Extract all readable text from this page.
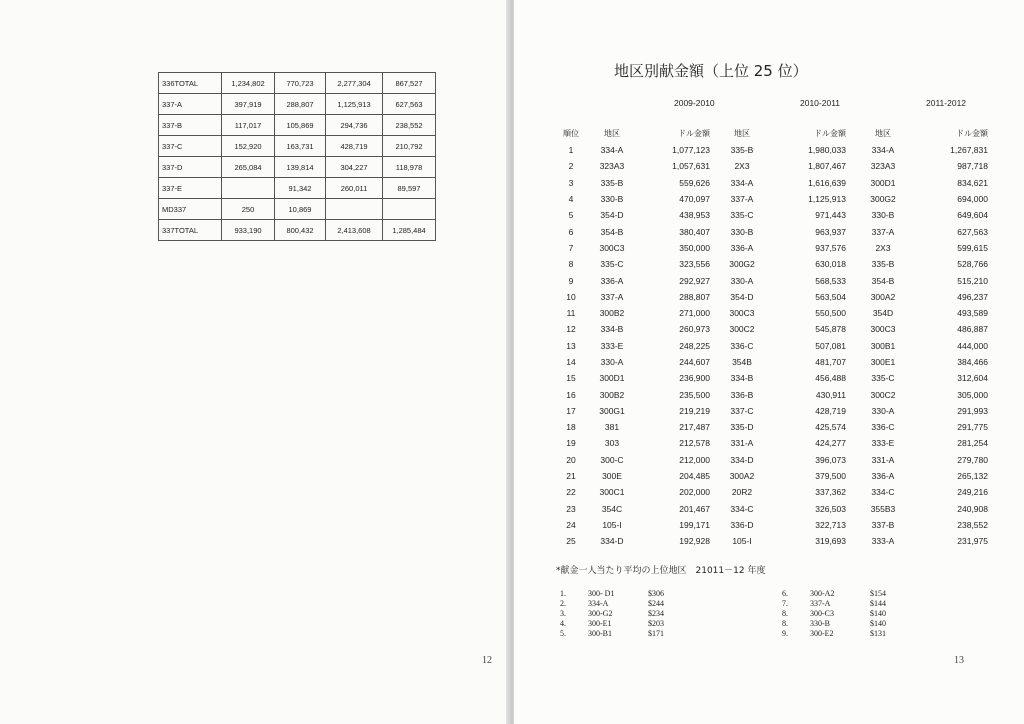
336TOTAL	1,234,802	770,723	2,277,304	867,527
337-A	397,919	288,807	1,125,913	627,563
337-B	117,017	105,869	294,736	238,552
337-C	152,920	163,731	428,719	210,792
337-D	265,084	139,814	304,227	118,978
337-E		91,342	260,011	89,597
MD337	250	10,869		
337TOTAL	933,190	800,432	2,413,608	1,285,484
12
地区別献金額（上位 25 位）
2009-2010	2010-2011	2011-2012
順位	地区	ドル金額	地区	ドル金額	地区	ドル金額
1	334-A	1,077,123	335-B	1,980,033	334-A	1,267,831
2	323A3	1,057,631	2X3	1,807,467	323A3	987,718
3	335-B	559,626	334-A	1,616,639	300D1	834,621
4	330-B	470,097	337-A	1,125,913	300G2	694,000
5	354-D	438,953	335-C	971,443	330-B	649,604
6	354-B	380,407	330-B	963,937	337-A	627,563
7	300C3	350,000	336-A	937,576	2X3	599,615
8	335-C	323,556	300G2	630,018	335-B	528,766
9	336-A	292,927	330-A	568,533	354-B	515,210
10	337-A	288,807	354-D	563,504	300A2	496,237
11	300B2	271,000	300C3	550,500	354D	493,589
12	334-B	260,973	300C2	545,878	300C3	486,887
13	333-E	248,225	336-C	507,081	300B1	444,000
14	330-A	244,607	354B	481,707	300E1	384,466
15	300D1	236,900	334-B	456,488	335-C	312,604
16	300B2	235,500	336-B	430,911	300C2	305,000
17	300G1	219,219	337-C	428,719	330-A	291,993
18	381	217,487	335-D	425,574	336-C	291,775
19	303	212,578	331-A	424,277	333-E	281,254
20	300-C	212,000	334-D	396,073	331-A	279,780
21	300E	204,485	300A2	379,500	336-A	265,132
22	300C1	202,000	20R2	337,362	334-C	249,216
23	354C	201,467	334-C	326,503	355B3	240,908
24	105-I	199,171	336-D	322,713	337-B	238,552
25	334-D	192,928	105-I	319,693	333-A	231,975
*献金一人当たり平均の上位地区　21011－12 年度
1.	300- D1	$306
2.	334-A	$244
3.	300-G2	$234
4.	300-E1	$203
5.	300-B1	$171
6.	300-A2	$154
7.	337-A	$144
8.	300-C3	$140
8.	330-B	$140
9.	300-E2	$131
13
